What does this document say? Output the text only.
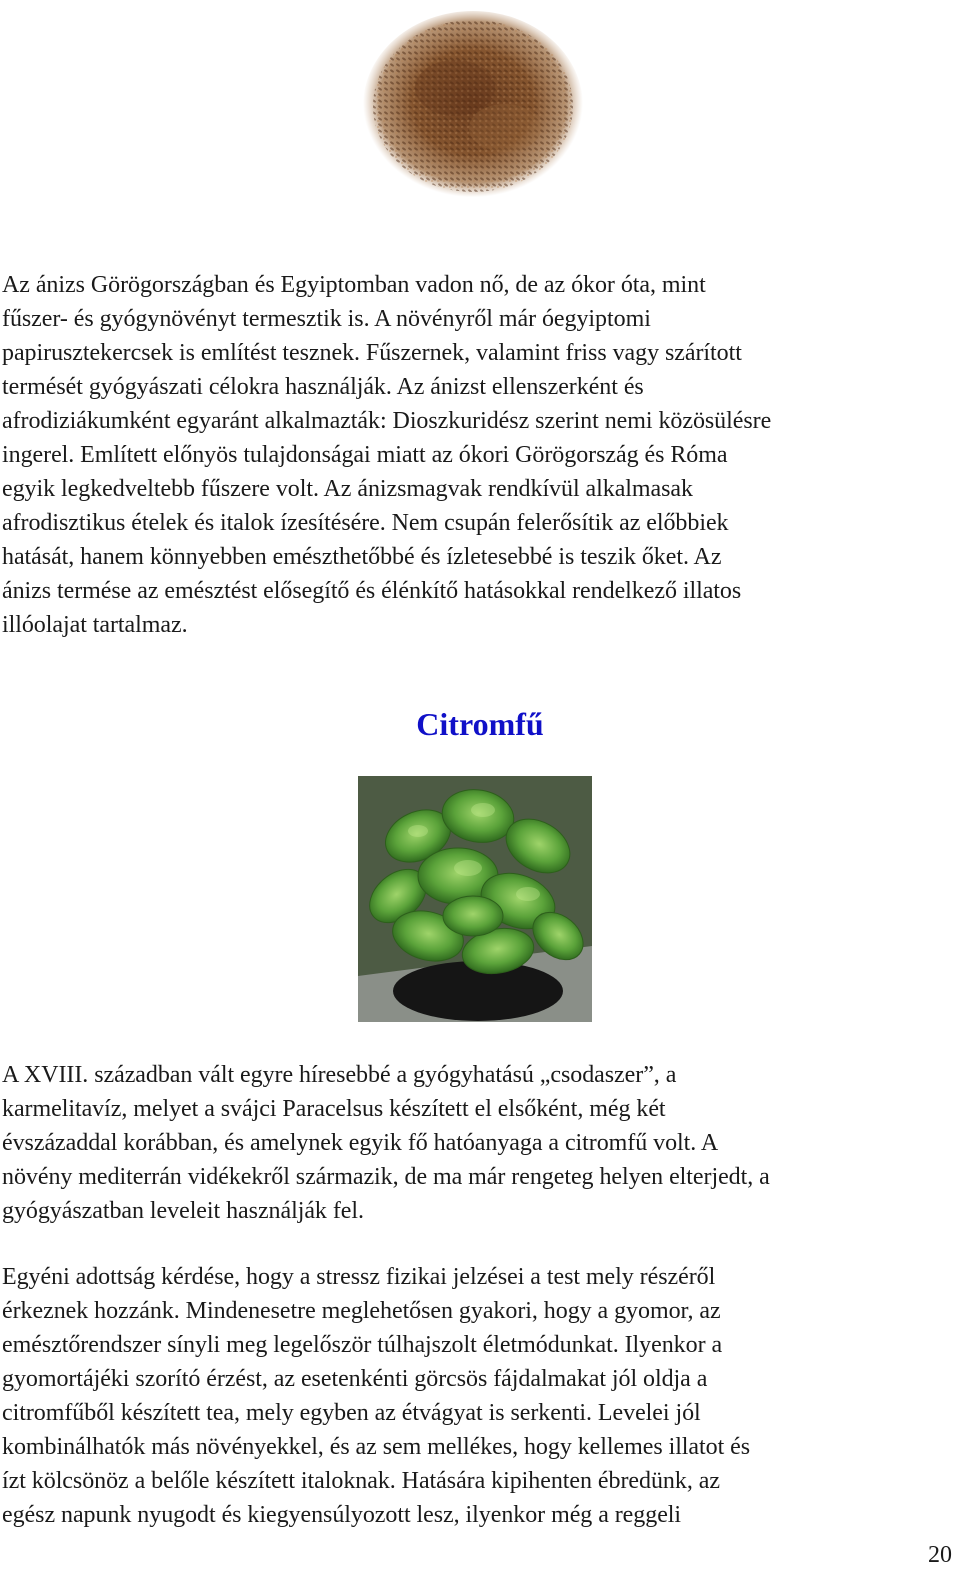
Az ánizs Görögországban és Egyiptomban vadon nő, de az ókor óta, mint
fűszer- és gyógynövényt termesztik is. A növényről már óegyiptomi
papirusztekercsek is említést tesznek. Fűszernek, valamint friss vagy szárított
termését gyógyászati célokra használják. Az ánizst ellenszerként és
afrodiziákumként egyaránt alkalmazták: Dioszkuridész szerint nemi közösülésre
ingerel. Említett előnyös tulajdonságai miatt az ókori Görögország és Róma
egyik legkedveltebb fűszere volt. Az ánizsmagvak rendkívül alkalmasak
afrodisztikus ételek és italok ízesítésére. Nem csupán felerősítik az előbbiek
hatását, hanem könnyebben emészthetőbbé és ízletesebbé is teszik őket. Az
ánizs termése az emésztést elősegítő és élénkítő hatásokkal rendelkező illatos
illóolajat tartalmaz.

Citromfű

A XVIII. században vált egyre híresebbé a gyógyhatású „csodaszer”, a
karmelitavíz, melyet a svájci Paracelsus készített el elsőként, még két
évszázaddal korábban, és amelynek egyik fő hatóanyaga a citromfű volt. A
növény mediterrán vidékekről származik, de ma már rengeteg helyen elterjedt, a
gyógyászatban leveleit használják fel.

Egyéni adottság kérdése, hogy a stressz fizikai jelzései a test mely részéről
érkeznek hozzánk. Mindenesetre meglehetősen gyakori, hogy a gyomor, az
emésztőrendszer sínyli meg legelőször túlhajszolt életmódunkat. Ilyenkor a
gyomortájéki szorító érzést, az esetenkénti görcsös fájdalmakat jól oldja a
citromfűből készített tea, mely egyben az étvágyat is serkenti. Levelei jól
kombinálhatók más növényekkel, és az sem mellékes, hogy kellemes illatot és
ízt kölcsönöz a belőle készített italoknak. Hatására kipihenten ébredünk, az
egész napunk nyugodt és kiegyensúlyozott lesz, ilyenkor még a reggeli

20
